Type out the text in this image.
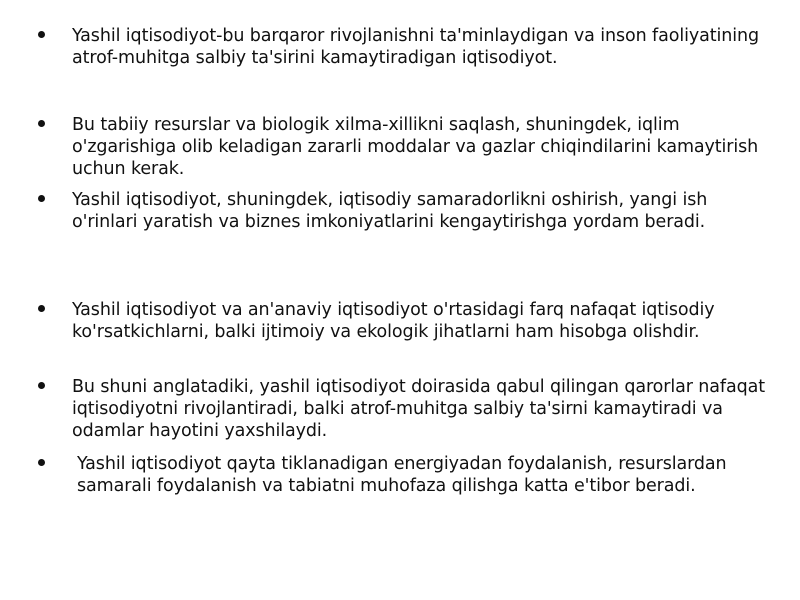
Yashil iqtisodiyot-bu barqaror rivojlanishni ta'minlaydigan va inson faoliyatining atrof-muhitga salbiy ta'sirini kamaytiradigan iqtisodiyot.
Bu tabiiy resurslar va biologik xilma-xillikni saqlash, shuningdek, iqlim o'zgarishiga olib keladigan zararli moddalar va gazlar chiqindilarini kamaytirish uchun kerak.
Yashil iqtisodiyot, shuningdek, iqtisodiy samaradorlikni oshirish, yangi ish o'rinlari yaratish va biznes imkoniyatlarini kengaytirishga yordam beradi.
Yashil iqtisodiyot va an'anaviy iqtisodiyot o'rtasidagi farq nafaqat iqtisodiy ko'rsatkichlarni, balki ijtimoiy va ekologik jihatlarni ham hisobga olishdir.
Bu shuni anglatadiki, yashil iqtisodiyot doirasida qabul qilingan qarorlar nafaqat iqtisodiyotni rivojlantiradi, balki atrof-muhitga salbiy ta'sirni kamaytiradi va odamlar hayotini yaxshilaydi.
Yashil iqtisodiyot qayta tiklanadigan energiyadan foydalanish, resurslardan samarali foydalanish va tabiatni muhofaza qilishga katta e'tibor beradi.
